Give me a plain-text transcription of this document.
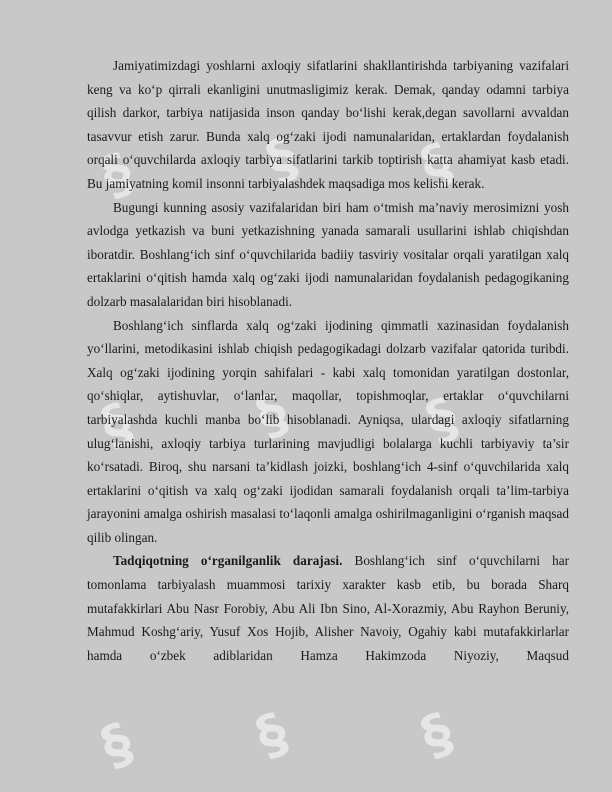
§ § §
§ § §
§ § §

Jamiyatimizdagi yoshlarni axloqiy sifatlarini shakllantirishda tarbiyaning vazifalari keng va ko‘p qirrali ekanligini unutmasligimiz kerak. Demak, qanday odamni tarbiya qilish darkor, tarbiya natijasida inson qanday bo‘lishi kerak,degan savollarni avvaldan tasavvur etish zarur. Bunda xalq og‘zaki ijodi namunalaridan, ertaklardan foydalanish orqali o‘quvchilarda axloqiy tarbiya sifatlarini tarkib toptirish katta ahamiyat kasb etadi. Bu jamiyatning komil insonni tarbiyalashdek maqsadiga mos kelishi kerak.

Bugungi kunning asosiy vazifalaridan biri ham o‘tmish ma’naviy merosimizni yosh avlodga yetkazish va buni yetkazishning yanada samarali usullarini ishlab chiqishdan iboratdir. Boshlang‘ich sinf o‘quvchilarida badiiy tasviriy vositalar orqali yaratilgan xalq ertaklarini o‘qitish hamda xalq og‘zaki ijodi namunalaridan foydalanish pedagogikaning dolzarb masalalaridan biri hisoblanadi.

Boshlang‘ich sinflarda xalq og‘zaki ijodining qimmatli xazinasidan foydalanish yo‘llarini, metodikasini ishlab chiqish pedagogikadagi dolzarb vazifalar qatorida turibdi. Xalq og‘zaki ijodining yorqin sahifalari - kabi xalq tomonidan yaratilgan dostonlar, qo‘shiqlar, aytishuvlar, o‘lanlar, maqollar, topishmoqlar, ertaklar o‘quvchilarni tarbiyalashda kuchli manba bo‘lib hisoblanadi. Ayniqsa, ulardagi axloqiy sifatlarning ulug‘lanishi, axloqiy tarbiya turlarining mavjudligi bolalarga kuchli tarbiyaviy ta’sir ko‘rsatadi. Biroq, shu narsani ta’kidlash joizki, boshlang‘ich 4-sinf o‘quvchilarida xalq ertaklarini o‘qitish va xalq og‘zaki ijodidan samarali foydalanish orqali ta’lim-tarbiya jarayonini amalga oshirish masalasi to‘laqonli amalga oshirilmaganligini o‘rganish maqsad qilib olingan.

Tadqiqotning o‘rganilganlik darajasi. Boshlang‘ich sinf o‘quvchilarni har tomonlama tarbiyalash muammosi tarixiy xarakter kasb etib, bu borada Sharq mutafakkirlari Abu Nasr Forobiy, Abu Ali Ibn Sino, Al-Xorazmiy, Abu Rayhon Beruniy, Mahmud Koshg‘ariy, Yusuf Xos Hojib, Alisher Navoiy, Ogahiy kabi mutafakkirlarlar hamda o‘zbek adiblaridan Hamza Hakimzoda Niyoziy, Maqsud
